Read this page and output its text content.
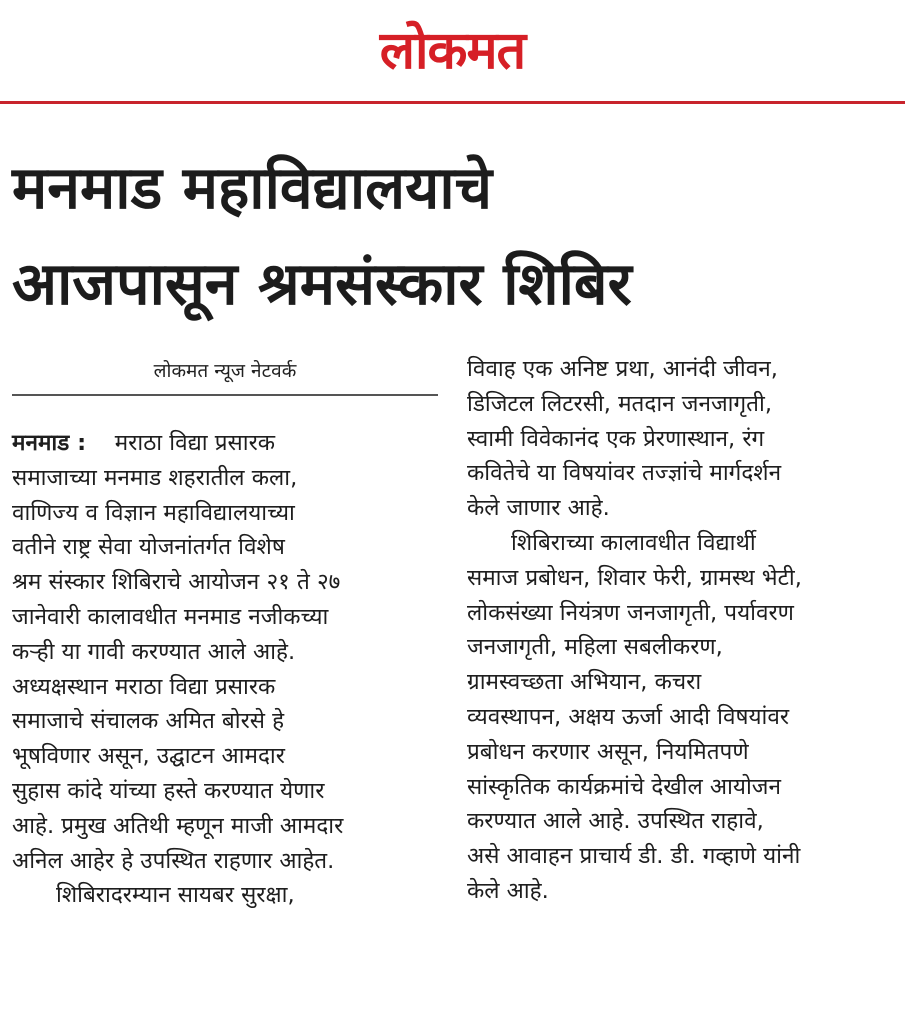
लोकमत
मनमाड महाविद्यालयाचे
आजपासून श्रमसंस्कार शिबिर
लोकमत न्यूज नेटवर्क
मनमाड : मराठा विद्या प्रसारक
समाजाच्या मनमाड शहरातील कला,
वाणिज्य व विज्ञान महाविद्यालयाच्या
वतीने राष्ट्र सेवा योजनांतर्गत विशेष
श्रम संस्कार शिबिराचे आयोजन २१ ते २७
जानेवारी कालावधीत मनमाड नजीकच्या
कऱ्ही या गावी करण्यात आले आहे.
अध्यक्षस्थान मराठा विद्या प्रसारक
समाजाचे संचालक अमित बोरसे हे
भूषविणार असून, उद्घाटन आमदार
सुहास कांदे यांच्या हस्ते करण्यात येणार
आहे. प्रमुख अतिथी म्हणून माजी आमदार
अनिल आहेर हे उपस्थित राहणार आहेत.
शिबिरादरम्यान सायबर सुरक्षा,
विवाह एक अनिष्ट प्रथा, आनंदी जीवन,
डिजिटल लिटरसी, मतदान जनजागृती,
स्वामी विवेकानंद एक प्रेरणास्थान, रंग
कवितेचे या विषयांवर तज्ज्ञांचे मार्गदर्शन
केले जाणार आहे.
शिबिराच्या कालावधीत विद्यार्थी
समाज प्रबोधन, शिवार फेरी, ग्रामस्थ भेटी,
लोकसंख्या नियंत्रण जनजागृती, पर्यावरण
जनजागृती, महिला सबलीकरण,
ग्रामस्वच्छता अभियान, कचरा
व्यवस्थापन, अक्षय ऊर्जा आदी विषयांवर
प्रबोधन करणार असून, नियमितपणे
सांस्कृतिक कार्यक्रमांचे देखील आयोजन
करण्यात आले आहे. उपस्थित राहावे,
असे आवाहन प्राचार्य डी. डी. गव्हाणे यांनी
केले आहे.
